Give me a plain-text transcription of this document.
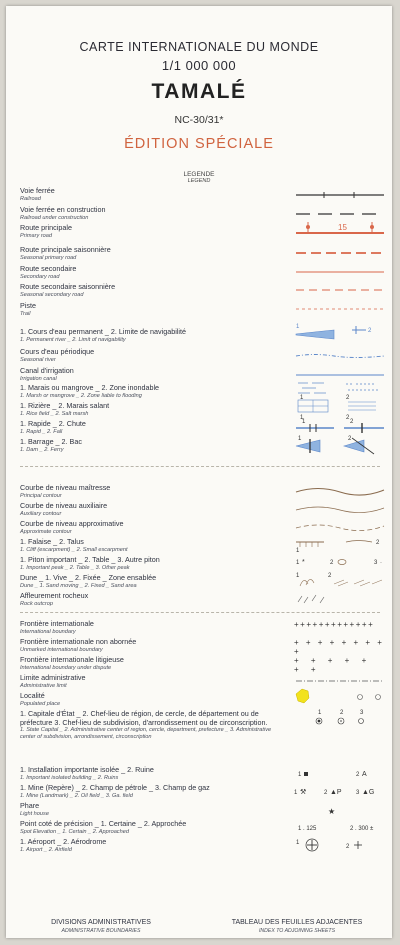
CARTE INTERNATIONALE DU MONDE
1/1 000 000
TAMALÉ
NC-30/31*
ÉDITION SPÉCIALE
LEGENDE
LEGEND
Voie ferrée
Railroad
Voie ferrée en construction
Railroad under construction
Route principale
Primary road
15
Route principale saisonnière
Seasonal primary road
Route secondaire
Secondary road
Route secondaire saisonnière
Seasonal secondary road
Piste
Trail
1. Cours d'eau permanent _ 2. Limite de navigabilité
1. Permanent river _ 2. Limit of navigability
1
2
Cours d'eau périodique
Seasonal river
Canal d'irrigation
Irrigation canal
1. Marais ou mangrove _ 2. Zone inondable
1. Marsh or mangrove _ 2. Zone liable to flooding	1	2
1. Rizière _ 2. Marais salant
1. Rice field _ 2. Salt marsh
1	2
1. Rapide _ 2. Chute
1. Rapid _ 2. Fall
1	2
1. Barrage _ 2. Bac
1. Dam _ 2. Ferry
1	2
Courbe de niveau maîtresse
Principal contour
Courbe de niveau auxiliaire
Auxiliary contour
Courbe de niveau approximative
Approximate contour
1. Falaise _ 2. Talus
1. Cliff (escarpment) _ 2. Small escarpment	1
2
1. Piton important _ 2. Table _ 3. Autre piton
1. Important peak _ 2. Table _ 3. Other peak
1 *	2	3 ·
Dune _ 1. Vive _ 2. Fixée _ Zone ensablée
Dune _ 1. Sand moving _ 2. Fixed _ Sand area
1	2
Affleurement rocheux
Rock outcrop
Frontière internationale
International boundary
+++++++++++++
Frontière internationale non abornée
Unmarked international boundary
+ + + + + + + + +
Frontière internationale litigieuse
International boundary under dispute
+ + + + + + +
Limite administrative
Administrative limit
Localité
Populated place
1. Capitale d'État _ 2. Chef-lieu de région, de cercle, de département ou de préfecture 3. Chef-lieu de subdivision, d'arrondissement ou de circonscription.
1. State Capital _ 2. Administrative center of region, cercle, department, prefecture _ 3. Administrative center of subdivision, arrondissement, circonscription
1	2	3
1. Installation importante isolée _ 2. Ruine
1. Important isolated building _ 2. Ruins	1	2 A
1. Mine (Repère) _ 2. Champ de pétrole _ 3. Champ de gaz
1. Mine (Landmark) _ 2. Oil field _ 3. Ga. field	1 ⚒	2 ▲P 3 ▲G
Phare
Light house	★
Point coté de précision _ 1. Certaine _ 2. Approchée
Spot Elevation _ 1. Certain _ 2. Approached	1 . 125	2 . 300 ±
1. Aéroport _ 2. Aérodrome
1. Airport _ 2. Airfield
1
2
DIVISIONS ADMINISTRATIVES
ADMINISTRATIVE BOUNDARIES
TABLEAU DES FEUILLES ADJACENTES
INDEX TO ADJOINING SHEETS
